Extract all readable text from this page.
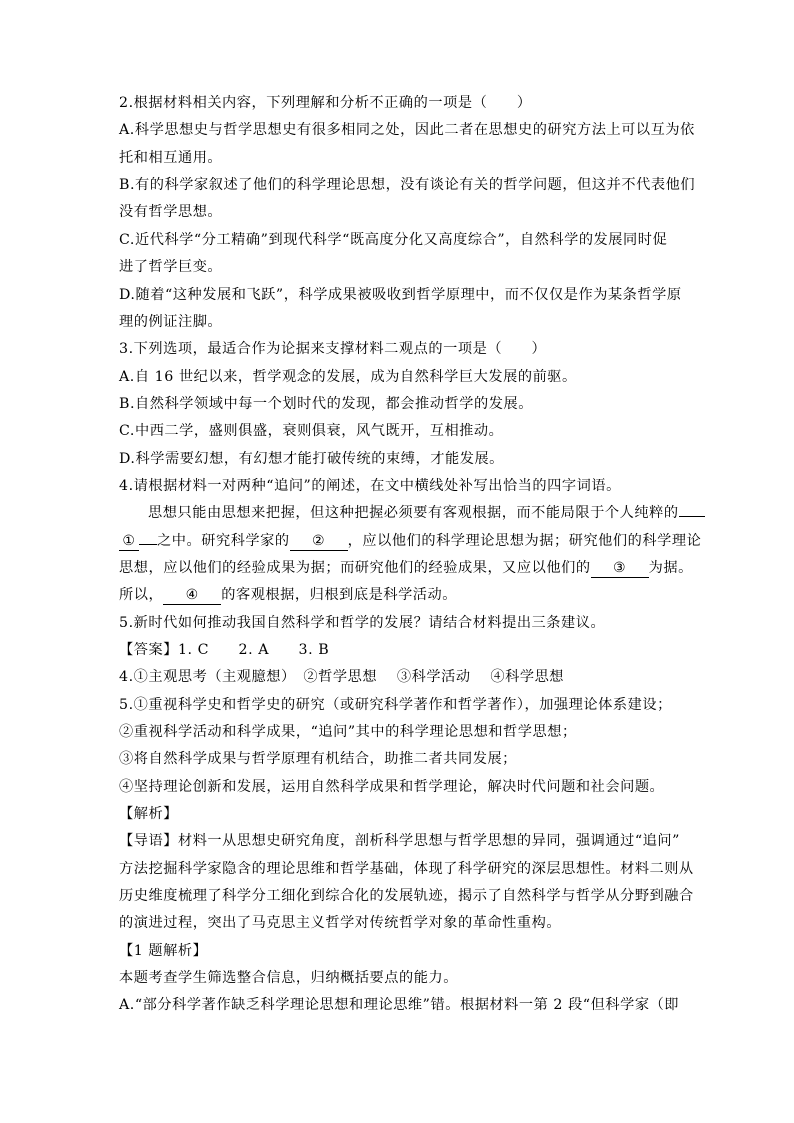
2.根据材料相关内容，下列理解和分析不正确的一项是（　　）
A.科学思想史与哲学思想史有很多相同之处，因此二者在思想史的研究方法上可以互为依
托和相互通用。
B.有的科学家叙述了他们的科学理论思想，没有谈论有关的哲学问题，但这并不代表他们
没有哲学思想。
C.近代科学“分工精确”到现代科学“既高度分化又高度综合”，自然科学的发展同时促
进了哲学巨变。
D.随着“这种发展和飞跃”，科学成果被吸收到哲学原理中，而不仅仅是作为某条哲学原
理的例证注脚。
3.下列选项，最适合作为论据来支撑材料二观点的一项是（　　）
A.自 16 世纪以来，哲学观念的发展，成为自然科学巨大发展的前驱。
B.自然科学领域中每一个划时代的发现，都会推动哲学的发展。
C.中西二学，盛则俱盛，衰则俱衰，风气既开，互相推动。
D.科学需要幻想，有幻想才能打破传统的束缚，才能发展。
4.请根据材料一对两种“追问”的阐述，在文中横线处补写出恰当的四字词语。
思想只能由思想来把握，但这种把握必须要有客观根据，而不能局限于个人纯粹的
① 之中。研究科学家的 ② ，应以他们的科学理论思想为据；研究他们的科学理论
思想，应以他们的经验成果为据；而研究他们的经验成果，又应以他们的 ③ 为据。
所以， ④ 的客观根据，归根到底是科学活动。
5.新时代如何推动我国自然科学和哲学的发展？请结合材料提出三条建议。
【答案】1. C　　2. A　　3. B
4.①主观思考（主观臆想）　②哲学思想　 ③科学活动　 ④科学思想
5.①重视科学史和哲学史的研究（或研究科学著作和哲学著作），加强理论体系建设；
②重视科学活动和科学成果，“追问”其中的科学理论思想和哲学思想；
③将自然科学成果与哲学原理有机结合，助推二者共同发展；
④坚持理论创新和发展，运用自然科学成果和哲学理论，解决时代问题和社会问题。
【解析】
【导语】材料一从思想史研究角度，剖析科学思想与哲学思想的异同，强调通过“追问”
方法挖掘科学家隐含的理论思维和哲学基础，体现了科学研究的深层思想性。材料二则从
历史维度梳理了科学分工细化到综合化的发展轨迹，揭示了自然科学与哲学从分野到融合
的演进过程，突出了马克思主义哲学对传统哲学对象的革命性重构。
【1 题解析】
本题考查学生筛选整合信息，归纳概括要点的能力。
A.“部分科学著作缺乏科学理论思想和理论思维”错。根据材料一第 2 段“但科学家（即
